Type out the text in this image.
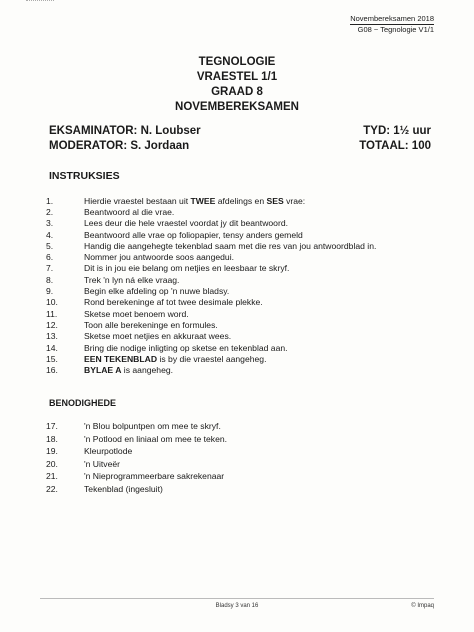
Novembereksamen 2018
G08 ~ Tegnologie V1/1
TEGNOLOGIE
VRAESTEL 1/1
GRAAD 8
NOVEMBEREKSAMEN
EKSAMINATOR: N. Loubser	TYD: 1½ uur
MODERATOR: S. Jordaan	TOTAAL: 100
INSTRUKSIES
1.	Hierdie vraestel bestaan uit TWEE afdelings en SES vrae:
2.	Beantwoord al die vrae.
3.	Lees deur die hele vraestel voordat jy dit beantwoord.
4.	Beantwoord alle vrae op foliopapier, tensy anders gemeld
5.	Handig die aangehegte tekenblad saam met die res van jou antwoordblad in.
6.	Nommer jou antwoorde soos aangedui.
7.	Dit is in jou eie belang om netjies en leesbaar te skryf.
8.	Trek 'n lyn ná elke vraag.
9.	Begin elke afdeling op 'n nuwe bladsy.
10.	Rond berekeninge af tot twee desimale plekke.
11.	Sketse moet benoem word.
12.	Toon alle berekeninge en formules.
13.	Sketse moet netjies en akkuraat wees.
14.	Bring die nodige inligting op sketse en tekenblad aan.
15.	EEN TEKENBLAD is by die vraestel aangeheg.
16.	BYLAE A is aangeheg.
BENODIGHEDE
17.	'n Blou bolpuntpen om mee te skryf.
18.	'n Potlood en liniaal om mee te teken.
19.	Kleurpotlode
20.	'n Uitveër
21.	'n Nieprogrammeerbare sakrekenaar
22.	Tekenblad (ingesluit)
Bladsy 3 van 16	© Impaq
